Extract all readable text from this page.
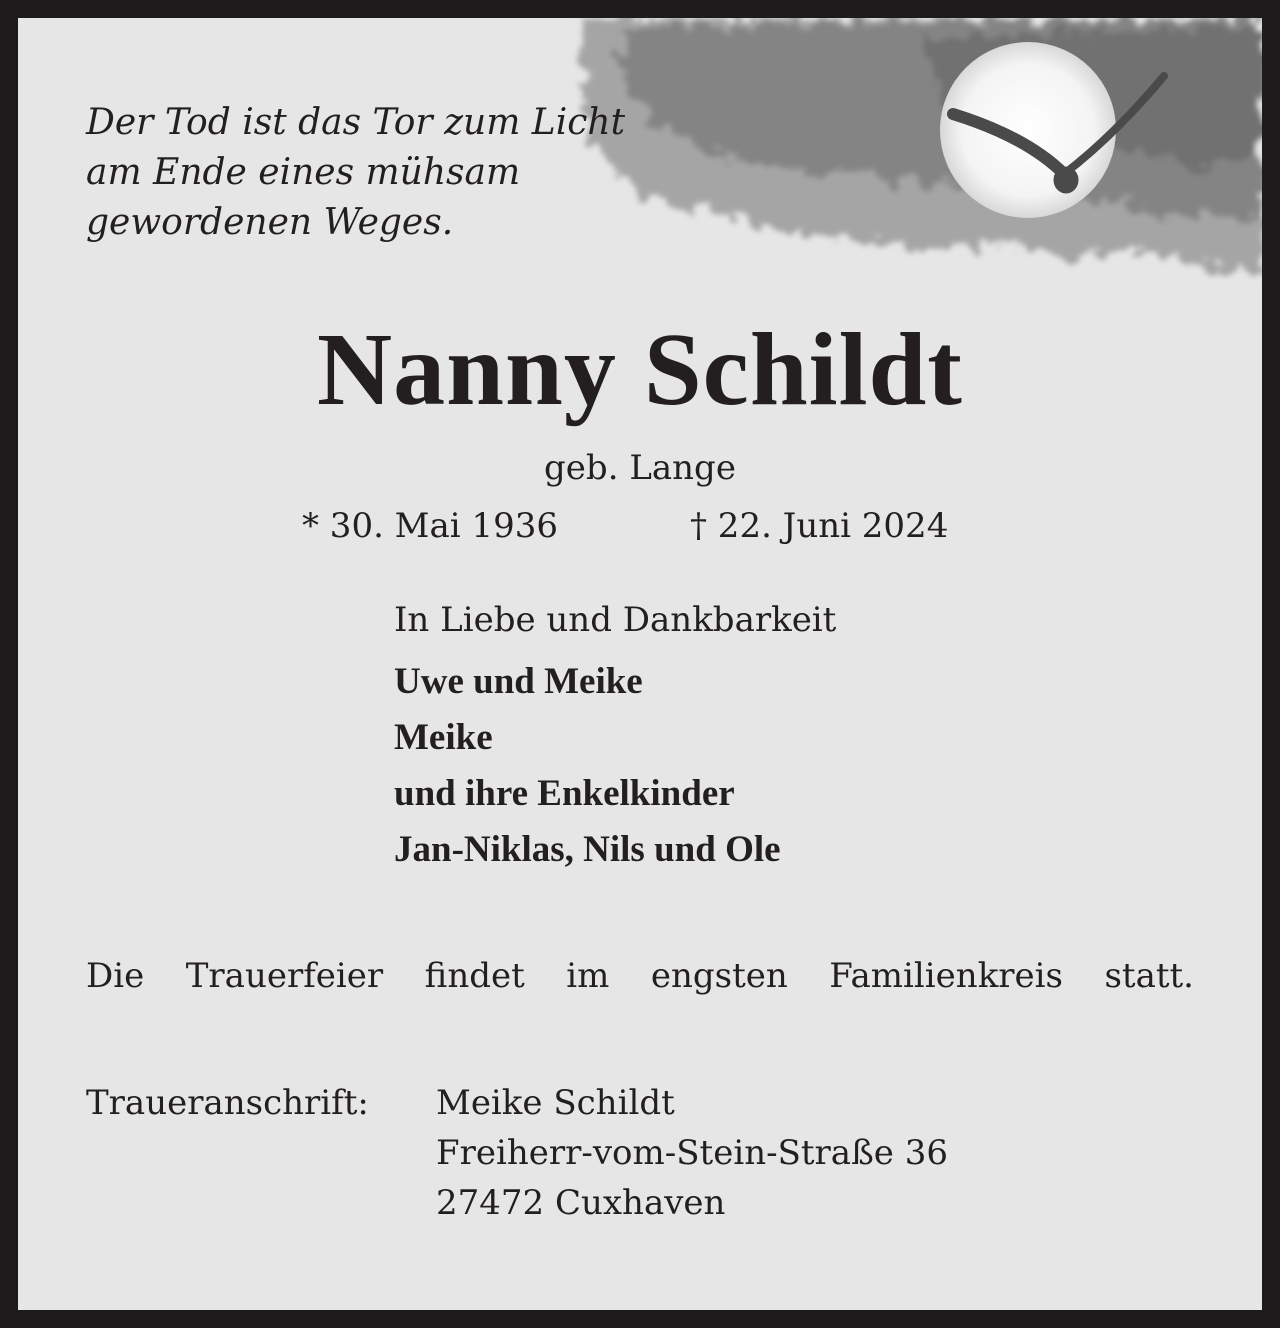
Der Tod ist das Tor zum Licht
am Ende eines mühsam
gewordenen Weges.

Nanny Schildt
geb. Lange
* 30. Mai 1936	† 22. Juni 2024
In Liebe und Dankbarkeit
Uwe und Meike
Meike
und ihre Enkelkinder
Jan-Niklas, Nils und Ole
Die Trauerfeier findet im engsten Familienkreis statt.
Traueranschrift: Meike Schildt
Freiherr-vom-Stein-Straße 36
27472 Cuxhaven
